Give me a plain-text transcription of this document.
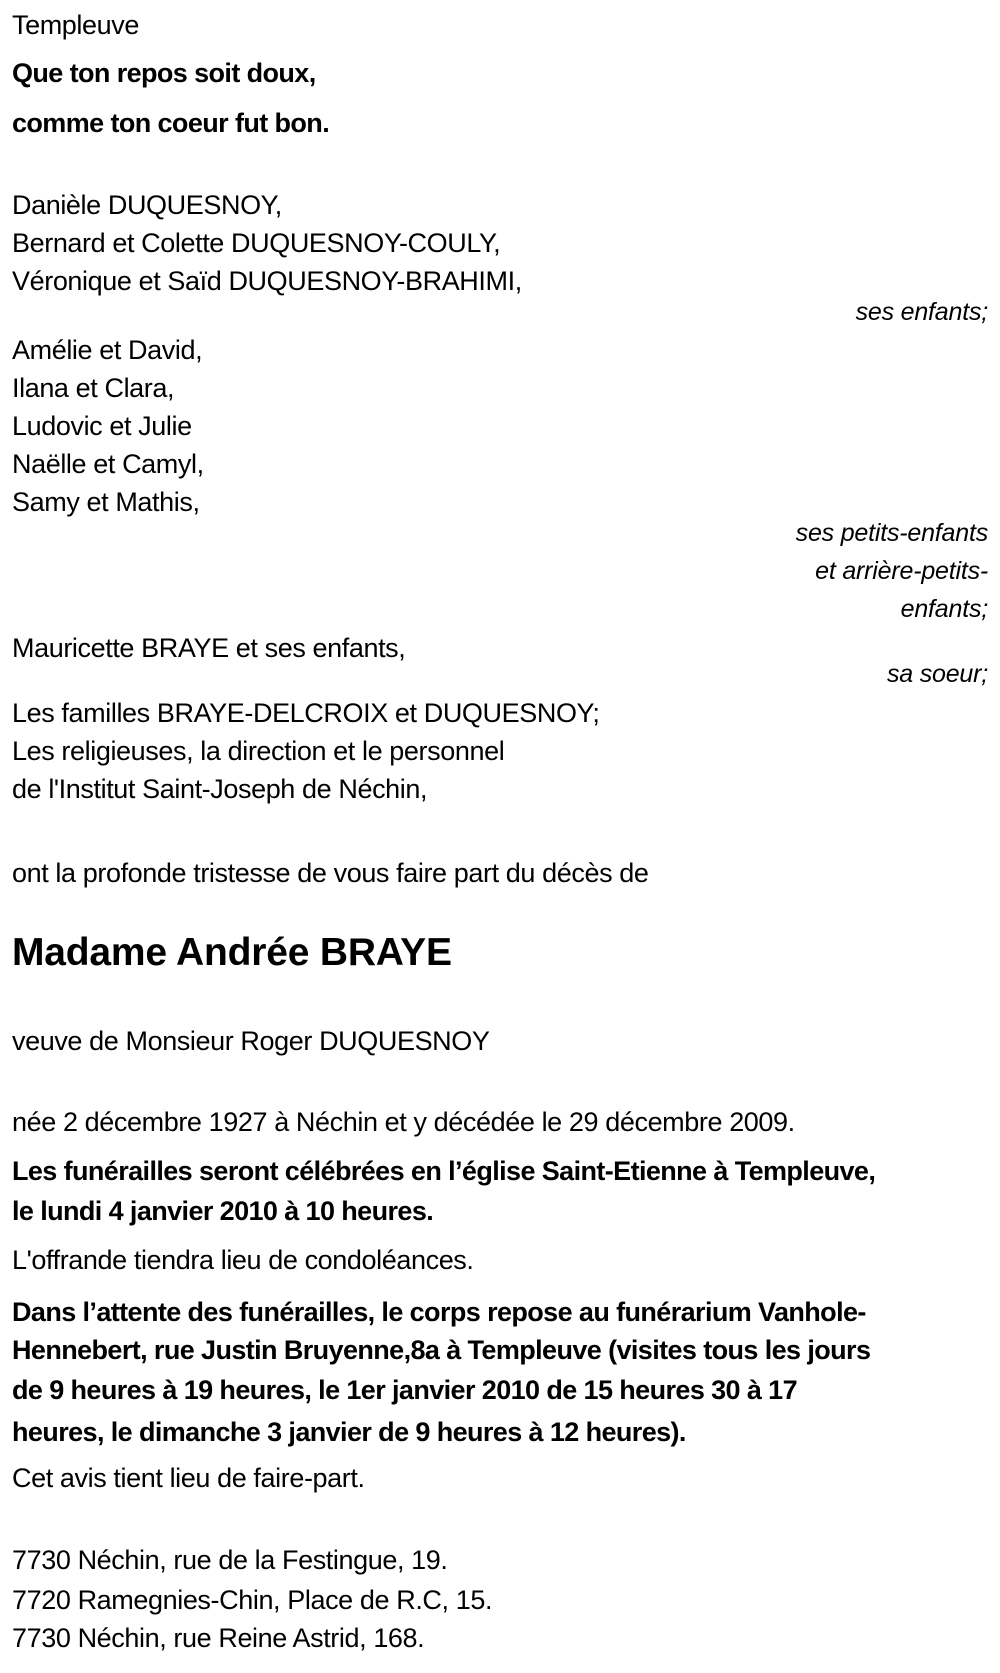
Templeuve
Que ton repos soit doux,
comme ton coeur fut bon.
Danièle DUQUESNOY,
Bernard et Colette DUQUESNOY-COULY,
Véronique et Saïd DUQUESNOY-BRAHIMI,
ses enfants;
Amélie et David,
Ilana et Clara,
Ludovic et Julie
Naëlle et Camyl,
Samy et Mathis,
ses petits-enfants
et arrière-petits-
enfants;
Mauricette BRAYE et ses enfants,
sa soeur;
Les familles BRAYE-DELCROIX et DUQUESNOY;
Les religieuses, la direction et le personnel
de l'Institut Saint-Joseph de Néchin,
ont la profonde tristesse de vous faire part du décès de
Madame Andrée BRAYE
veuve de Monsieur Roger DUQUESNOY
née 2 décembre 1927 à Néchin et y décédée le 29 décembre 2009.
Les funérailles seront célébrées en l’église Saint-Etienne à Templeuve,
le lundi 4 janvier 2010 à 10 heures.
L'offrande tiendra lieu de condoléances.
Dans l’attente des funérailles, le corps repose au funérarium Vanhole-
Hennebert, rue Justin Bruyenne,8a à Templeuve (visites tous les jours
de 9 heures à 19 heures, le 1er janvier 2010 de 15 heures 30 à 17
heures, le dimanche 3 janvier de 9 heures à 12 heures).
Cet avis tient lieu de faire-part.
7730 Néchin, rue de la Festingue, 19.
7720 Ramegnies-Chin, Place de R.C, 15.
7730 Néchin, rue Reine Astrid, 168.
